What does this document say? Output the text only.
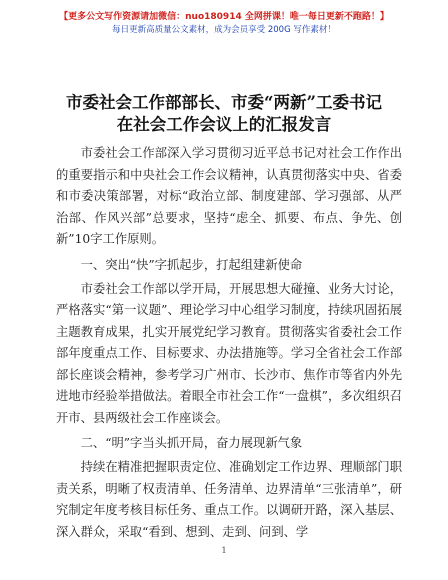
【更多公文写作资源请加微信：nuo180914 全网拼课！唯一每日更新不跑路！】
每日更新高质量公文素材，成为会员享受 200G 写作素材！
市委社会工作部部长、市委“两新”工委书记
在社会工作会议上的汇报发言

市委社会工作部深入学习贯彻习近平总书记对社会工作作出的重要指示和中央社会工作会议精神，认真贯彻落实中央、省委和市委决策部署，对标“政治立部、制度建部、学习强部、从严治部、作风兴部”总要求，坚持“虑全、抓要、布点、争先、创新”10字工作原则。

一、突出“快”字抓起步，打起组建新使命

市委社会工作部以学开局，开展思想大碰撞、业务大讨论，严格落实“第一议题”、理论学习中心组学习制度，持续巩固拓展主题教育成果，扎实开展党纪学习教育。贯彻落实省委社会工作部年度重点工作、目标要求、办法措施等。学习全省社会工作部部长座谈会精神，参考学习广州市、长沙市、焦作市等省内外先进地市经验举措做法。着眼全市社会工作“一盘棋”，多次组织召开市、县两级社会工作座谈会。

二、“明”字当头抓开局，奋力展现新气象

持续在精准把握职责定位、准确划定工作边界、理顺部门职责关系，明晰了权责清单、任务清单、边界清单“三张清单”，研究制定年度考核目标任务、重点工作。以调研开路，深入基层、深入群众，采取“看到、想到、走到、问到、学

1
